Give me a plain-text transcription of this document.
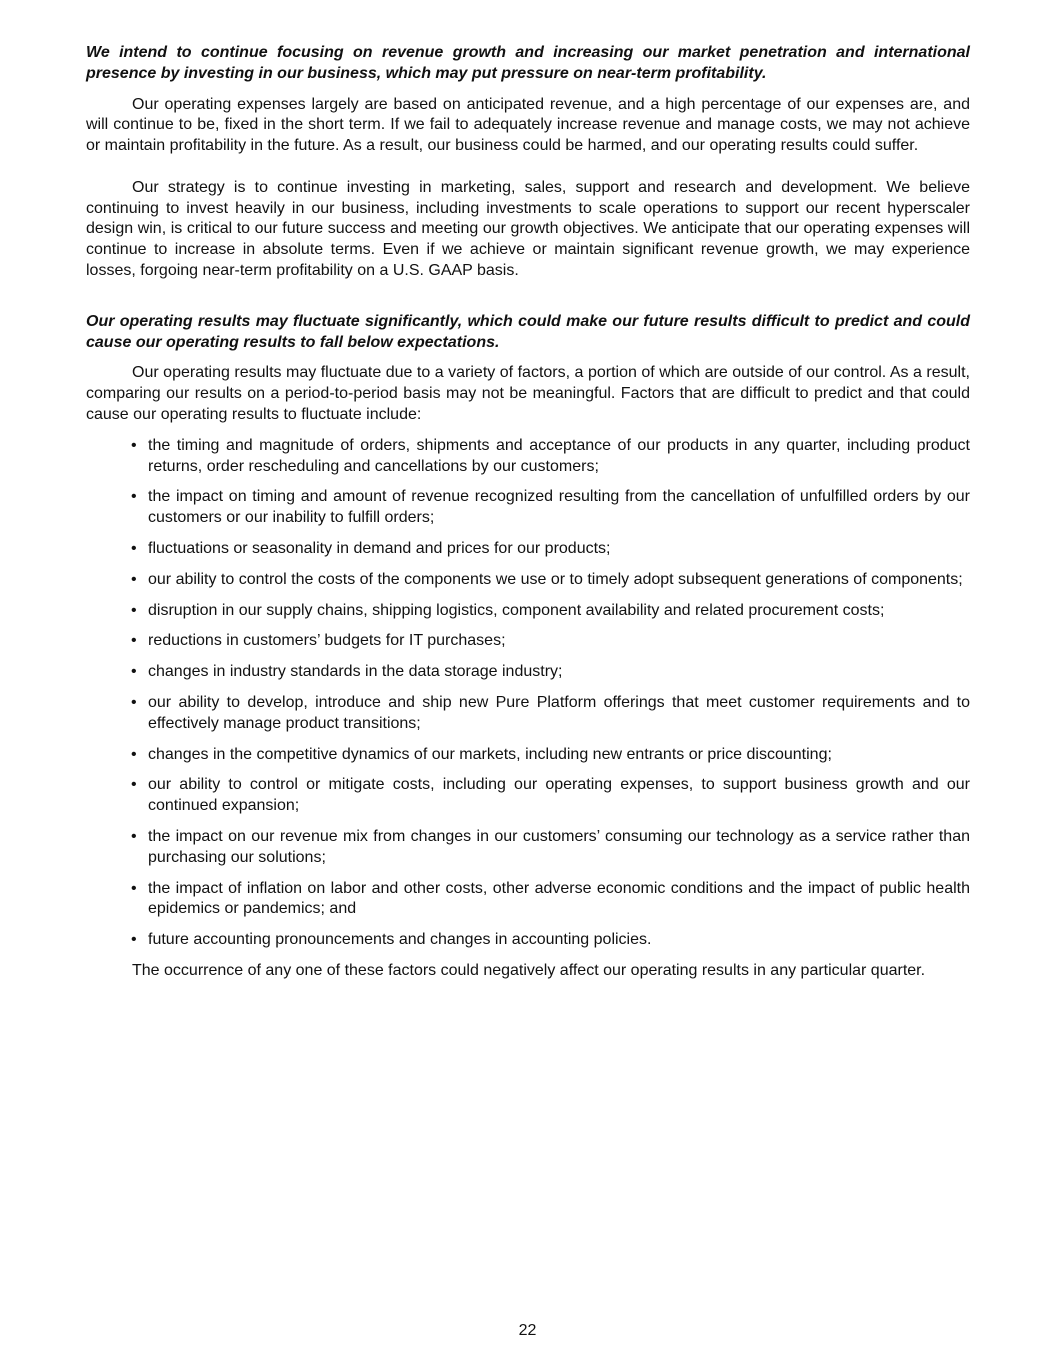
We intend to continue focusing on revenue growth and increasing our market penetration and international presence by investing in our business, which may put pressure on near-term profitability.

Our operating expenses largely are based on anticipated revenue, and a high percentage of our expenses are, and will continue to be, fixed in the short term. If we fail to adequately increase revenue and manage costs, we may not achieve or maintain profitability in the future. As a result, our business could be harmed, and our operating results could suffer.

Our strategy is to continue investing in marketing, sales, support and research and development. We believe continuing to invest heavily in our business, including investments to scale operations to support our recent hyperscaler design win, is critical to our future success and meeting our growth objectives. We anticipate that our operating expenses will continue to increase in absolute terms. Even if we achieve or maintain significant revenue growth, we may experience losses, forgoing near-term profitability on a U.S. GAAP basis.

Our operating results may fluctuate significantly, which could make our future results difficult to predict and could cause our operating results to fall below expectations.

Our operating results may fluctuate due to a variety of factors, a portion of which are outside of our control. As a result, comparing our results on a period-to-period basis may not be meaningful. Factors that are difficult to predict and that could cause our operating results to fluctuate include:

• the timing and magnitude of orders, shipments and acceptance of our products in any quarter, including product returns, order rescheduling and cancellations by our customers;
• the impact on timing and amount of revenue recognized resulting from the cancellation of unfulfilled orders by our customers or our inability to fulfill orders;
• fluctuations or seasonality in demand and prices for our products;
• our ability to control the costs of the components we use or to timely adopt subsequent generations of components;
• disruption in our supply chains, shipping logistics, component availability and related procurement costs;
• reductions in customers’ budgets for IT purchases;
• changes in industry standards in the data storage industry;
• our ability to develop, introduce and ship new Pure Platform offerings that meet customer requirements and to effectively manage product transitions;
• changes in the competitive dynamics of our markets, including new entrants or price discounting;
• our ability to control or mitigate costs, including our operating expenses, to support business growth and our continued expansion;
• the impact on our revenue mix from changes in our customers’ consuming our technology as a service rather than purchasing our solutions;
• the impact of inflation on labor and other costs, other adverse economic conditions and the impact of public health epidemics or pandemics; and
• future accounting pronouncements and changes in accounting policies.

The occurrence of any one of these factors could negatively affect our operating results in any particular quarter.

22
